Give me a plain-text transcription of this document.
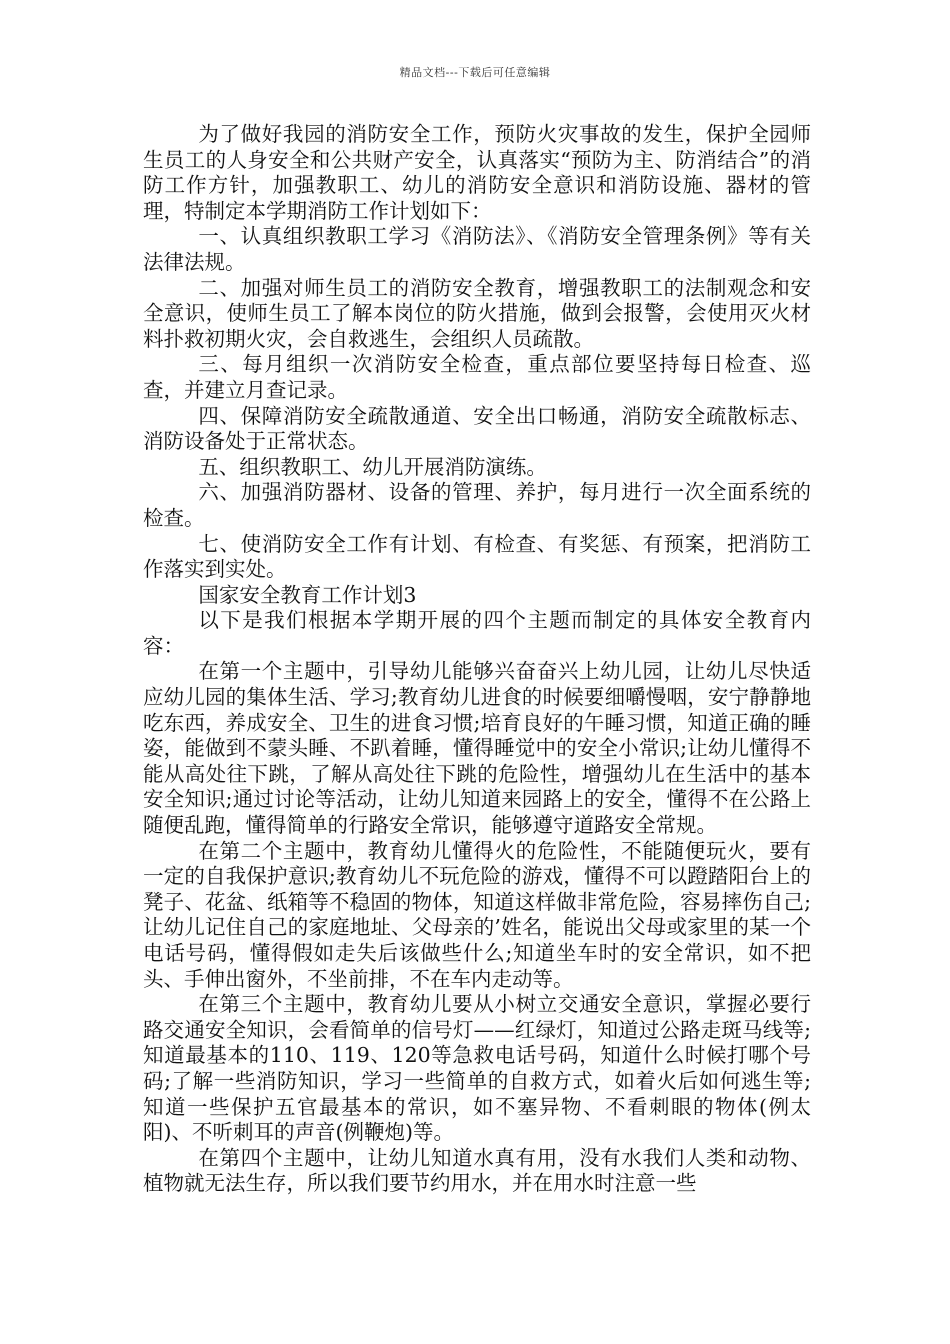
精品文档---下载后可任意编辑

为了做好我园的消防安全工作，预防火灾事故的发生，保护全园师生员工的人身安全和公共财产安全，认真落实“预防为主、防消结合”的消防工作方针，加强教职工、幼儿的消防安全意识和消防设施、器材的管理，特制定本学期消防工作计划如下：

一、认真组织教职工学习《消防法》、《消防安全管理条例》等有关法律法规。

二、加强对师生员工的消防安全教育，增强教职工的法制观念和安全意识，使师生员工了解本岗位的防火措施，做到会报警，会使用灭火材料扑救初期火灾，会自救逃生，会组织人员疏散。

三、每月组织一次消防安全检查，重点部位要坚持每日检查、巡查，并建立月查记录。

四、保障消防安全疏散通道、安全出口畅通，消防安全疏散标志、消防设备处于正常状态。

五、组织教职工、幼儿开展消防演练。

六、加强消防器材、设备的管理、养护，每月进行一次全面系统的检查。

七、使消防安全工作有计划、有检查、有奖惩、有预案，把消防工作落实到实处。

国家安全教育工作计划3

以下是我们根据本学期开展的四个主题而制定的具体安全教育内容：

在第一个主题中，引导幼儿能够兴奋奋兴上幼儿园，让幼儿尽快适应幼儿园的集体生活、学习;教育幼儿进食的时候要细嚼慢咽，安宁静静地吃东西，养成安全、卫生的进食习惯;培育良好的午睡习惯，知道正确的睡姿，能做到不蒙头睡、不趴着睡，懂得睡觉中的安全小常识;让幼儿懂得不能从高处往下跳，了解从高处往下跳的危险性，增强幼儿在生活中的基本安全知识;通过讨论等活动，让幼儿知道来园路上的安全，懂得不在公路上随便乱跑，懂得简单的行路安全常识，能够遵守道路安全常规。

在第二个主题中，教育幼儿懂得火的危险性，不能随便玩火，要有一定的自我保护意识;教育幼儿不玩危险的游戏，懂得不可以蹬踏阳台上的凳子、花盆、纸箱等不稳固的物体，知道这样做非常危险，容易摔伤自己;让幼儿记住自己的家庭地址、父母亲的’姓名，能说出父母或家里的某一个电话号码，懂得假如走失后该做些什么;知道坐车时的安全常识，如不把头、手伸出窗外，不坐前排，不在车内走动等。

在第三个主题中，教育幼儿要从小树立交通安全意识，掌握必要行路交通安全知识，会看简单的信号灯——红绿灯，知道过公路走斑马线等;知道最基本的110、119、120等急救电话号码，知道什么时候打哪个号码;了解一些消防知识，学习一些简单的自救方式，如着火后如何逃生等;知道一些保护五官最基本的常识，如不塞异物、不看刺眼的物体(例太阳)、不听刺耳的声音(例鞭炮)等。

在第四个主题中，让幼儿知道水真有用，没有水我们人类和动物、植物就无法生存，所以我们要节约用水，并在用水时注意一些
